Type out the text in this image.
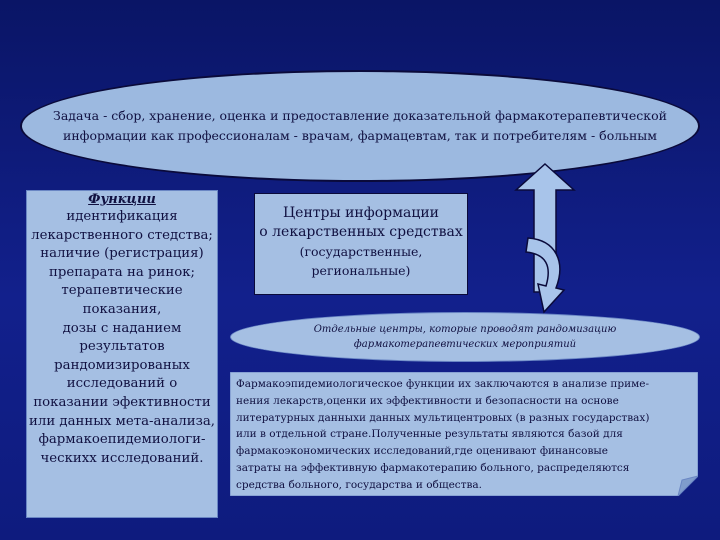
Задача - сбор, хранение, оценка и предоставление доказательной фармакотерапевтической
информации как профессионалам - врачам, фармацевтам, так и потребителям - больным
Функции
идентификация
лекарственного стедства;
наличие (регистрация)
препарата на ринок;
терапевтические
показания,
дозы с наданием
результатов
рандомизированых
исследований о
показании эфективности
или данных мета-анализа,
фармакоепидемиологи-
ческихх исследований.
Центры информации
о лекарственных средствах
(государственные,
региональные)
Отдельные центры, которые проводят рандомизацию
фармакотерапевтических мероприятий
Фармакоэпидемиологическое функции их заключаются в анализе приме-
нения лекарств,оценки их эффективности и безопасности на основе
литературных данныхи данных мультицентровых (в разных государствах)
или в отдельной стране.Полученные результаты являются базой для
фармакоэкономических исследований,где оценивают финансовые
затраты на эффективную фармакотерапию больного, распределяются
средства больного, государства и общества.
